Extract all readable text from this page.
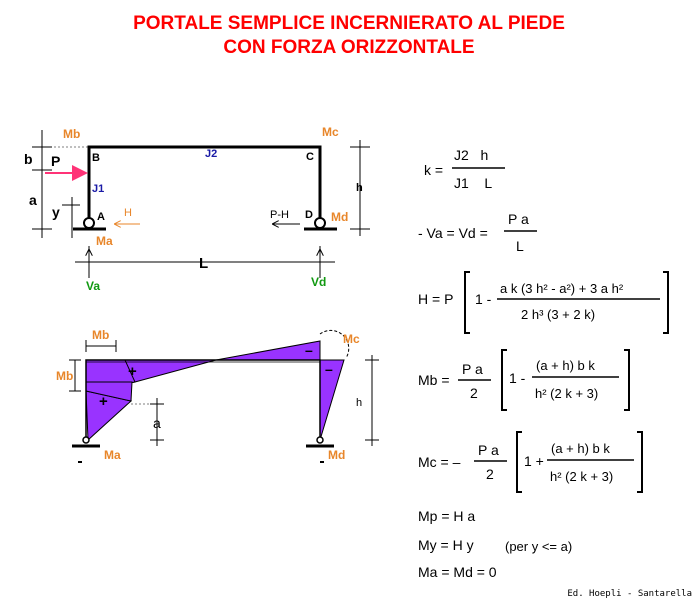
PORTALE SEMPLICE INCERNIERATO AL PIEDE
CON FORZA ORIZZONTALE
Mb	Mc
b P	B	C
J2
J1
a
y	A H	P-H D Md
Ma
h
L
Va	Vd
Mb
Mb
Mc
a
h
Ma	Md
+
+
–
–
k =
J2   h
J1    L
- Va = Vd =
P a
L
H = P 1 -
a k (3 h² - a²) + 3 a h²
2 h³ (3 + 2 k)
Mb =
P a
2
1 -
(a + h) b k
h² (2 k + 3)
Mc = –
P a
2
1 +
(a + h) b k
h² (2 k + 3)
Mp = H a
My = H y (per y <= a)
Ma = Md = 0
Ed. Hoepli - Santarella
